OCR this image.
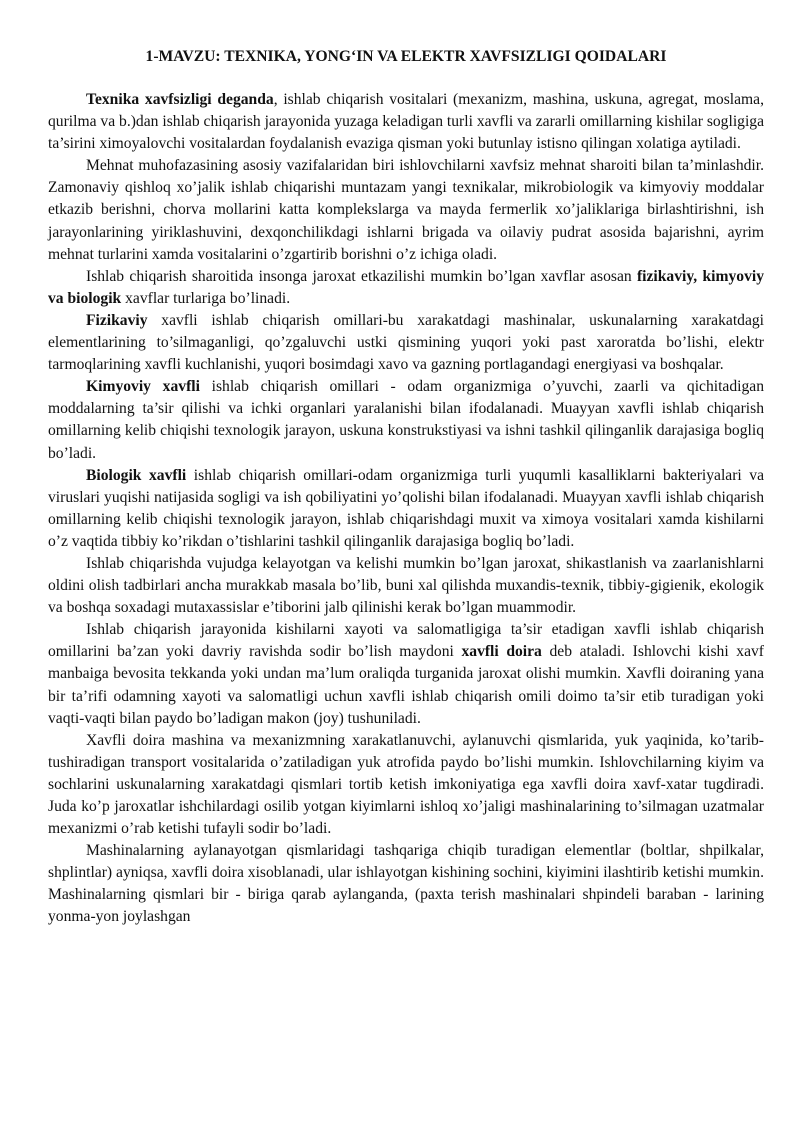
1-MAVZU: TEXNIKA, YONG‘IN VA ELEKTR XAVFSIZLIGI QOIDALARI

Texnika xavfsizligi deganda, ishlab chiqarish vositalari (mexanizm, mashina, uskuna, agregat, moslama, qurilma va b.)dan ishlab chiqarish jarayonida yuzaga keladigan turli xavfli va zararli omillarning kishilar sogligiga ta’sirini ximoyalovchi vositalardan foydalanish evaziga qisman yoki butunlay istisno qilingan xolatiga aytiladi.

Mehnat muhofazasining asosiy vazifalaridan biri ishlovchilarni xavfsiz mehnat sharoiti bilan ta’minlashdir. Zamonaviy qishloq xo’jalik ishlab chiqarishi muntazam yangi texnikalar, mikrobiologik va kimyoviy moddalar etkazib berishni, chorva mollarini katta komplekslarga va mayda fermerlik xo’jaliklariga birlashtirishni, ish jarayonlarining yiriklashuvini, dexqonchilikdagi ishlarni brigada va oilaviy pudrat asosida bajarishni, ayrim mehnat turlarini xamda vositalarini o’zgartirib borishni o’z ichiga oladi.

Ishlab chiqarish sharoitida insonga jaroxat etkazilishi mumkin bo’lgan xavflar asosan fizikaviy, kimyoviy va biologik xavflar turlariga bo’linadi.

Fizikaviy xavfli ishlab chiqarish omillari-bu xarakatdagi mashinalar, uskunalarning xarakatdagi elementlarining to’silmaganligi, qo’zgaluvchi ustki qismining yuqori yoki past xaroratda bo’lishi, elektr tarmoqlarining xavfli kuchlanishi, yuqori bosimdagi xavo va gazning portlagandagi energiyasi va boshqalar.

Kimyoviy xavfli ishlab chiqarish omillari - odam organizmiga o’yuvchi, zaarli va qichitadigan moddalarning ta’sir qilishi va ichki organlari yaralanishi bilan ifodalanadi. Muayyan xavfli ishlab chiqarish omillarning kelib chiqishi texnologik jarayon, uskuna konstrukstiyasi va ishni tashkil qilinganlik darajasiga bogliq bo’ladi.

Biologik xavfli ishlab chiqarish omillari-odam organizmiga turli yuqumli kasalliklarni bakteriyalari va viruslari yuqishi natijasida sogligi va ish qobiliyatini yo’qolishi bilan ifodalanadi. Muayyan xavfli ishlab chiqarish omillarning kelib chiqishi texnologik jarayon, ishlab chiqarishdagi muxit va ximoya vositalari xamda kishilarni o’z vaqtida tibbiy ko’rikdan o’tishlarini tashkil qilinganlik darajasiga bogliq bo’ladi.

Ishlab chiqarishda vujudga kelayotgan va kelishi mumkin bo’lgan jaroxat, shikastlanish va zaarlanishlarni oldini olish tadbirlari ancha murakkab masala bo’lib, buni xal qilishda muxandis-texnik, tibbiy-gigienik, ekologik va boshqa soxadagi mutaxassislar e’tiborini jalb qilinishi kerak bo’lgan muammodir.

Ishlab chiqarish jarayonida kishilarni xayoti va salomatligiga ta’sir etadigan xavfli ishlab chiqarish omillarini ba’zan yoki davriy ravishda sodir bo’lish maydoni xavfli doira deb ataladi. Ishlovchi kishi xavf manbaiga bevosita tekkanda yoki undan ma’lum oraliqda turganida jaroxat olishi mumkin. Xavfli doiraning yana bir ta’rifi odamning xayoti va salomatligi uchun xavfli ishlab chiqarish omili doimo ta’sir etib turadigan yoki vaqti-vaqti bilan paydo bo’ladigan makon (joy) tushuniladi.

Xavfli doira mashina va mexanizmning xarakatlanuvchi, aylanuvchi qismlarida, yuk yaqinida, ko’tarib-tushiradigan transport vositalarida o’zatiladigan yuk atrofida paydo bo’lishi mumkin. Ishlovchilarning kiyim va sochlarini uskunalarning xarakatdagi qismlari tortib ketish imkoniyatiga ega xavfli doira xavf-xatar tugdiradi. Juda ko’p jaroxatlar ishchilardagi osilib yotgan kiyimlarni ishloq xo’jaligi mashinalarining to’silmagan uzatmalar mexanizmi o’rab ketishi tufayli sodir bo’ladi.

Mashinalarning aylanayotgan qismlaridagi tashqariga chiqib turadigan elementlar (boltlar, shpilkalar, shplintlar) ayniqsa, xavfli doira xisoblanadi, ular ishlayotgan kishining sochini, kiyimini ilashtirib ketishi mumkin. Mashinalarning qismlari bir - biriga qarab aylanganda, (paxta terish mashinalari shpindeli baraban - larining yonma-yon joylashgan
